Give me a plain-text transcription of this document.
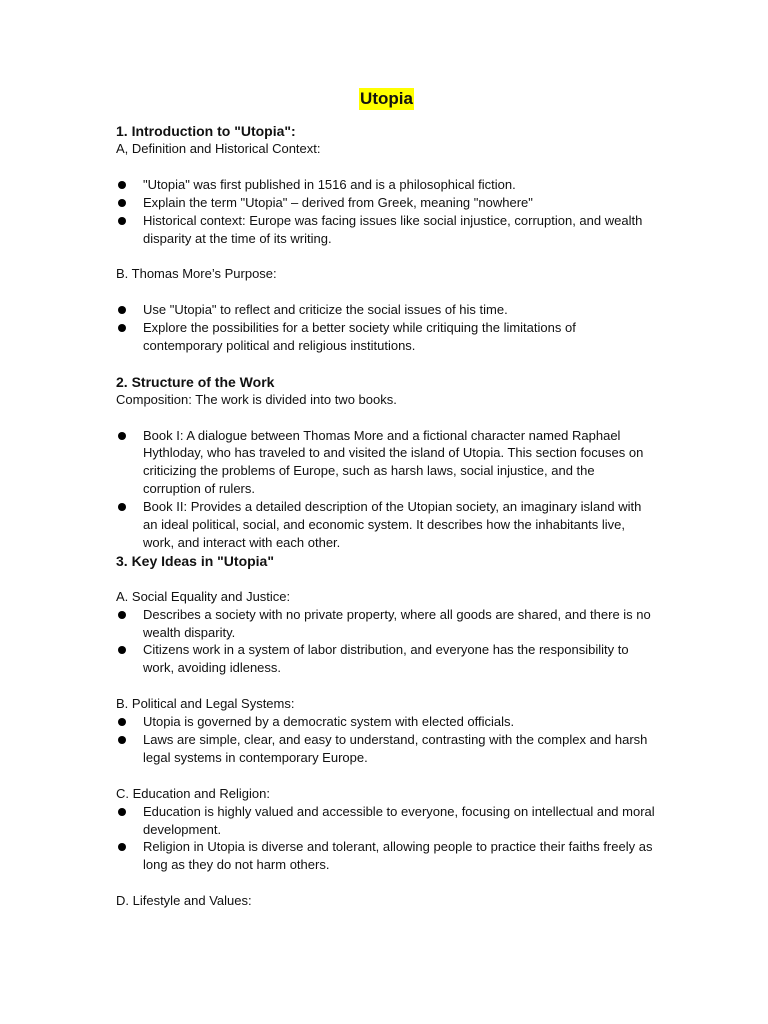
Utopia

1. Introduction to "Utopia":

A, Definition and Historical Context:

"Utopia" was first published in 1516 and is a philosophical fiction.
Explain the term "Utopia" – derived from Greek, meaning "nowhere"
Historical context: Europe was facing issues like social injustice, corruption, and wealth disparity at the time of its writing.

B. Thomas More’s Purpose:

Use "Utopia" to reflect and criticize the social issues of his time.
Explore the possibilities for a better society while critiquing the limitations of contemporary political and religious institutions.

2. Structure of the Work

Composition: The work is divided into two books.

Book I: A dialogue between Thomas More and a fictional character named Raphael Hythloday, who has traveled to and visited the island of Utopia. This section focuses on criticizing the problems of Europe, such as harsh laws, social injustice, and the corruption of rulers.
Book II: Provides a detailed description of the Utopian society, an imaginary island with an ideal political, social, and economic system. It describes how the inhabitants live, work, and interact with each other.

3. Key Ideas in "Utopia"

A. Social Equality and Justice:

Describes a society with no private property, where all goods are shared, and there is no wealth disparity.
Citizens work in a system of labor distribution, and everyone has the responsibility to work, avoiding idleness.

B. Political and Legal Systems:

Utopia is governed by a democratic system with elected officials.
Laws are simple, clear, and easy to understand, contrasting with the complex and harsh legal systems in contemporary Europe.

C. Education and Religion:

Education is highly valued and accessible to everyone, focusing on intellectual and moral development.
Religion in Utopia is diverse and tolerant, allowing people to practice their faiths freely as long as they do not harm others.

D. Lifestyle and Values:
